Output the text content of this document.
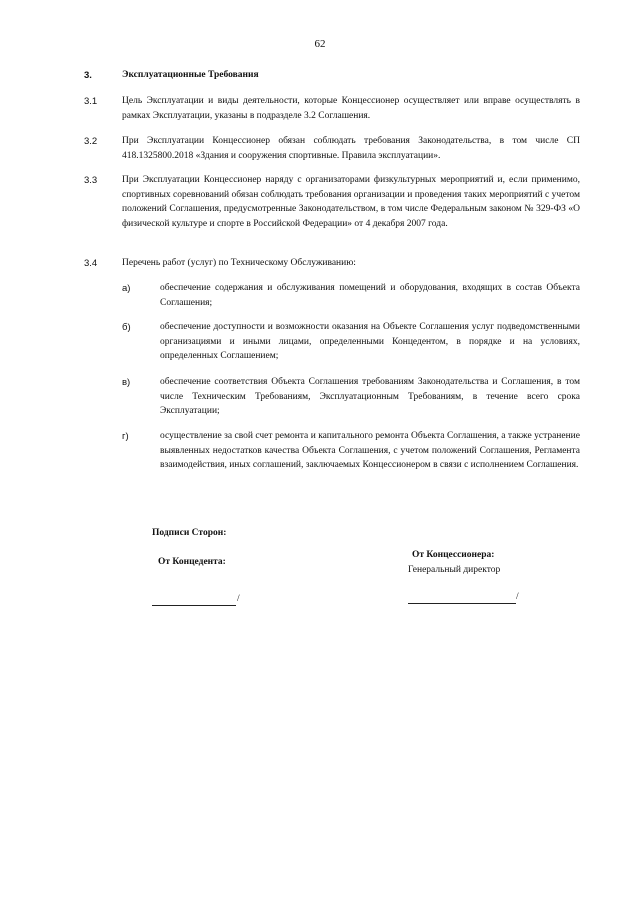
62
3.	Эксплуатационные Требования
3.1	Цель Эксплуатации и виды деятельности, которые Концессионер осуществляет или вправе осуществлять в рамках Эксплуатации, указаны в подразделе 3.2 Соглашения.
3.2	При Эксплуатации Концессионер обязан соблюдать требования Законодательства, в том числе СП 418.1325800.2018 «Здания и сооружения спортивные. Правила эксплуатации».
3.3	При Эксплуатации Концессионер наряду с организаторами физкультурных мероприятий и, если применимо, спортивных соревнований обязан соблюдать требования организации и проведения таких мероприятий с учетом положений Соглашения, предусмотренные Законодательством, в том числе Федеральным законом № 329-ФЗ «О физической культуре и спорте в Российской Федерации» от 4 декабря 2007 года.
3.4	Перечень работ (услуг) по Техническому Обслуживанию:
а)	обеспечение содержания и обслуживания помещений и оборудования, входящих в состав Объекта Соглашения;
б)	обеспечение доступности и возможности оказания на Объекте Соглашения услуг подведомственными организациями и иными лицами, определенными Концедентом, в порядке и на условиях, определенных Соглашением;
в)	обеспечение соответствия Объекта Соглашения требованиям Законодательства и Соглашения, в том числе Техническим Требованиям, Эксплуатационным Требованиям, в течение всего срока Эксплуатации;
г)	осуществление за свой счет ремонта и капитального ремонта Объекта Соглашения, а также устранение выявленных недостатков качества Объекта Соглашения, с учетом положений Соглашения, Регламента взаимодействия, иных соглашений, заключаемых Концессионером в связи с исполнением Соглашения.
Подписи Сторон:
От Концедента:
От Концессионера:
Генеральный директор
/	/
